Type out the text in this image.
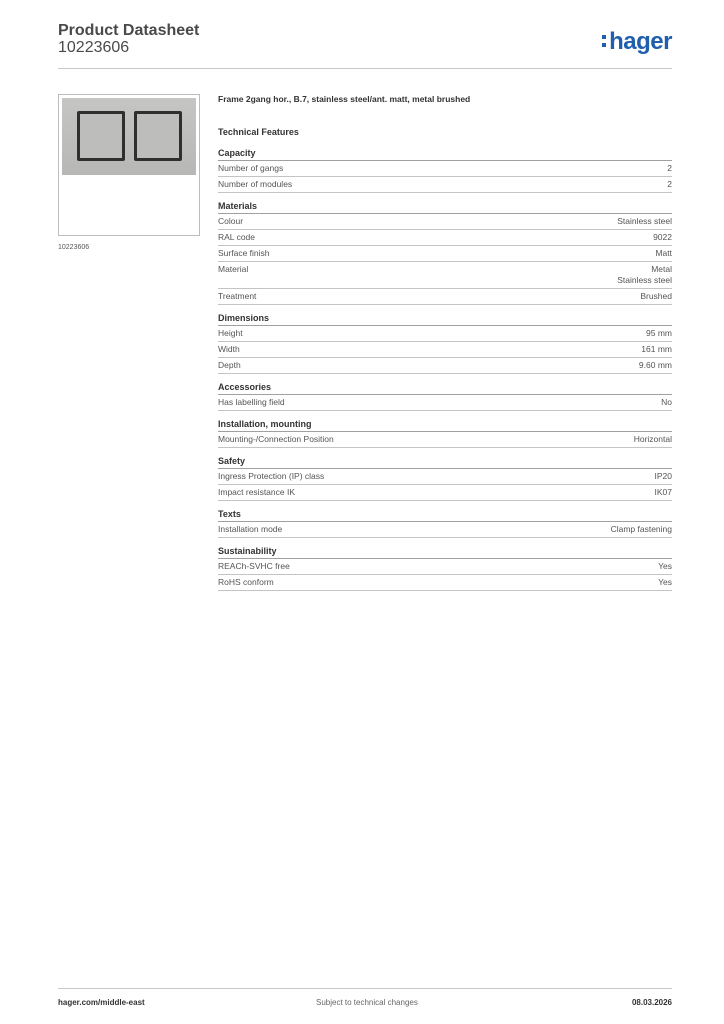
Product Datasheet
10223606	hager
10223606
Frame 2gang hor., B.7, stainless steel/ant. matt, metal brushed
Technical Features
Capacity
Number of gangs	2
Number of modules	2
Materials
Colour	Stainless steel
RAL code	9022
Surface finish	Matt
Material	Metal
Stainless steel
Treatment	Brushed
Dimensions
Height	95 mm
Width	161 mm
Depth	9.60 mm
Accessories
Has labelling field	No
Installation, mounting
Mounting-/Connection Position	Horizontal
Safety
Ingress Protection (IP) class	IP20
Impact resistance IK	IK07
Texts
Installation mode	Clamp fastening
Sustainability
REACh-SVHC free	Yes
RoHS conform	Yes
hager.com/middle-east	Subject to technical changes	08.03.2026
